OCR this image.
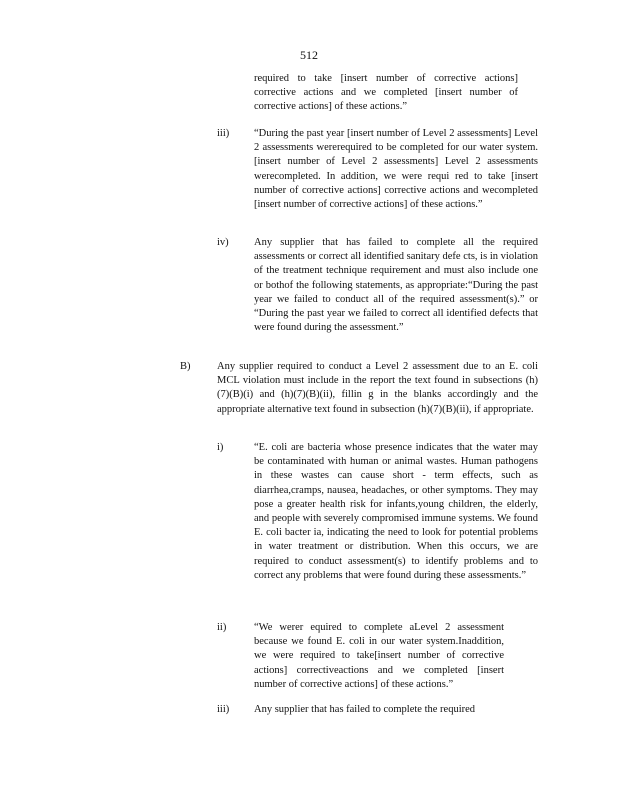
512
required to take [insert number of corrective actions] corrective actions and we completed [insert number of corrective actions] of these actions.”
iii) “During the past year [insert number of Level 2 assessments] Level 2 assessments wererequired to be completed for our water system. [insert number of Level 2 assessments] Level 2 assessments werecompleted. In addition, we were requi red to take [insert number of corrective actions] corrective actions and wecompleted [insert number of corrective actions] of these actions.”
iv) Any supplier that has failed to complete all the required assessments or correct all identified sanitary defe cts, is in violation of the treatment technique requirement and must also include one or bothof the following statements, as appropriate:“During the past year we failed to conduct all of the required assessment(s).” or “During the past year we failed to correct all identified defects that were found during the assessment.”
B)	Any supplier required to conduct a Level 2 assessment due to an E. coli MCL violation must include in the report the text found in subsections (h)(7)(B)(i) and (h)(7)(B)(ii), fillin g in the blanks accordingly and the appropriate alternative text found in subsection (h)(7)(B)(ii), if appropriate.
i)	“E. coli are bacteria whose presence indicates that the water may be contaminated with human or animal wastes. Human pathogens in these wastes can cause short - term effects, such as diarrhea,cramps, nausea, headaches, or other symptoms. They may pose a greater health risk for infants,young children, the elderly, and people with severely compromised immune systems. We found E. coli bacter ia, indicating the need to look for potential problems in water treatment or distribution. When this occurs, we are required to conduct assessment(s) to identify problems and to correct any problems that were found during these assessments.”
ii)	“We werer equired to complete aLevel 2 assessment because we found E. coli in our water system.Inaddition, we were required to take[insert number of corrective actions] correctiveactions and we completed [insert number of corrective actions] of these actions.”
iii) Any supplier that has failed to complete the required
